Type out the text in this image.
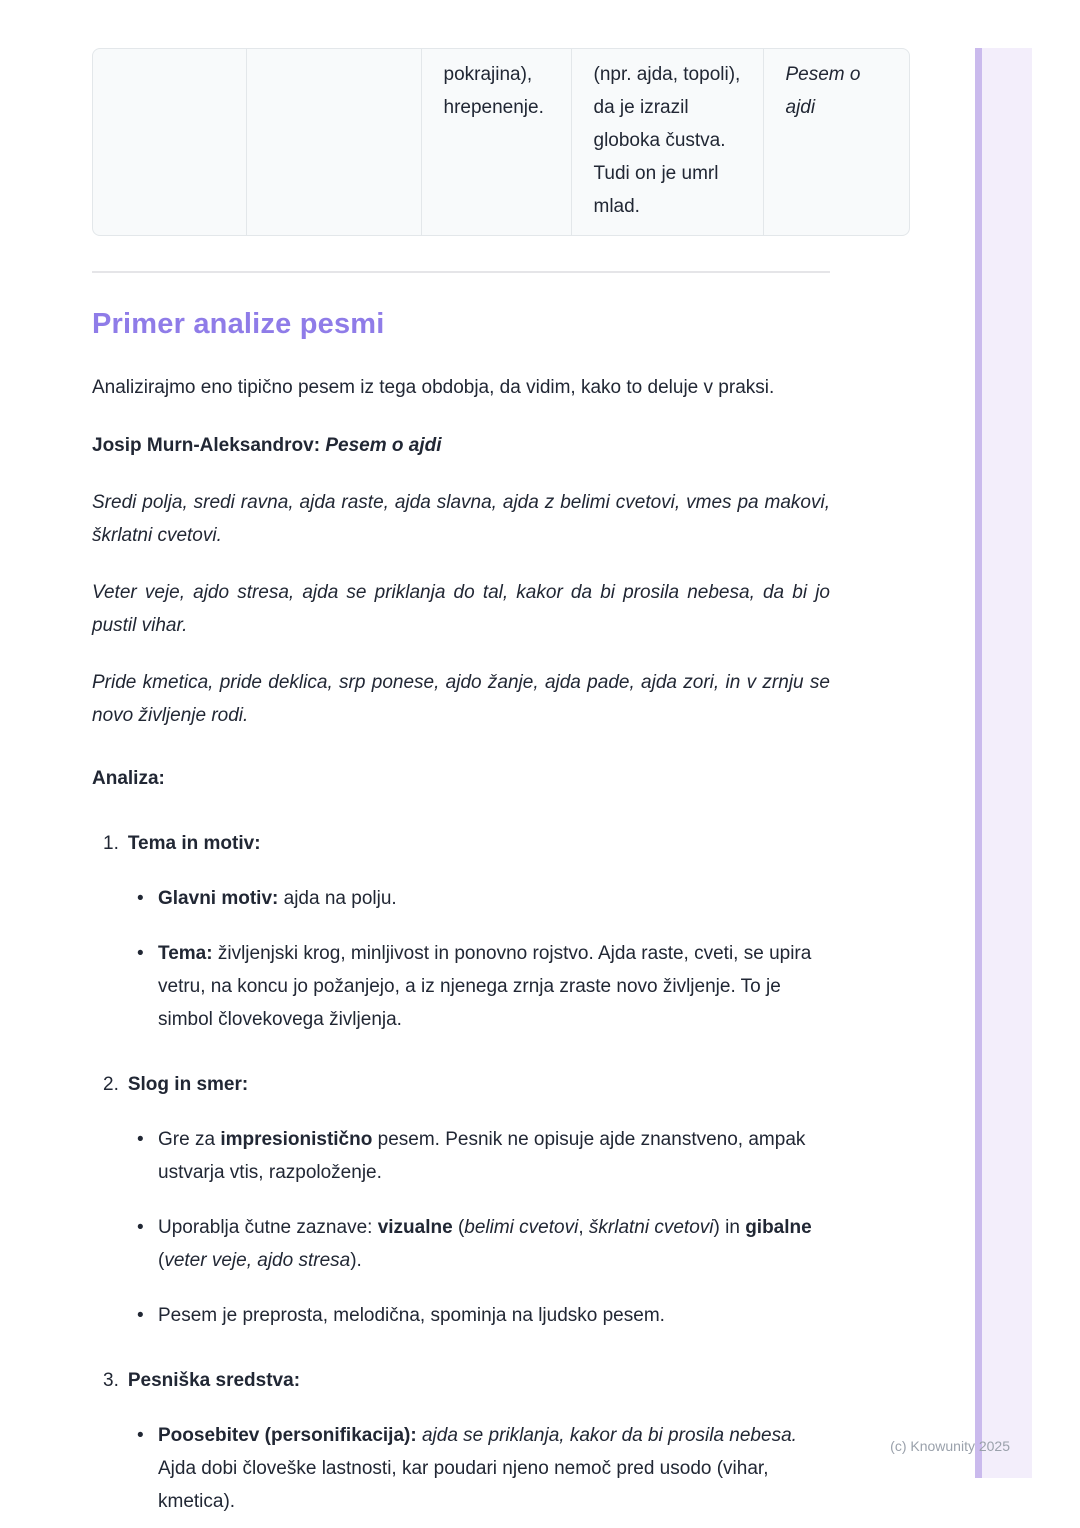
		pokrajina), hrepenenje.	(npr. ajda, topoli), da je izrazil globoka čustva. Tudi on je umrl mlad.	Pesem o ajdi
Primer analize pesmi

Analizirajmo eno tipično pesem iz tega obdobja, da vidim, kako to deluje v praksi.

Josip Murn-Aleksandrov: Pesem o ajdi

Sredi polja, sredi ravna, ajda raste, ajda slavna, ajda z belimi cvetovi, vmes pa makovi, škrlatni cvetovi.

Veter veje, ajdo stresa, ajda se priklanja do tal, kakor da bi prosila nebesa, da bi jo pustil vihar.

Pride kmetica, pride deklica, srp ponese, ajdo žanje, ajda pade, ajda zori, in v zrnju se novo življenje rodi.

Analiza:

1. Tema in motiv:
• Glavni motiv: ajda na polju.
• Tema: življenjski krog, minljivost in ponovno rojstvo. Ajda raste, cveti, se upira vetru, na koncu jo požanjejo, a iz njenega zrnja zraste novo življenje. To je simbol človekovega življenja.
2. Slog in smer:
• Gre za impresionistično pesem. Pesnik ne opisuje ajde znanstveno, ampak ustvarja vtis, razpoloženje.
• Uporablja čutne zaznave: vizualne (belimi cvetovi, škrlatni cvetovi) in gibalne (veter veje, ajdo stresa).
• Pesem je preprosta, melodična, spominja na ljudsko pesem.
3. Pesniška sredstva:
• Poosebitev (personifikacija): ajda se priklanja, kakor da bi prosila nebesa. Ajda dobi človeške lastnosti, kar poudari njeno nemoč pred usodo (vihar, kmetica).
(c) Knowunity 2025
